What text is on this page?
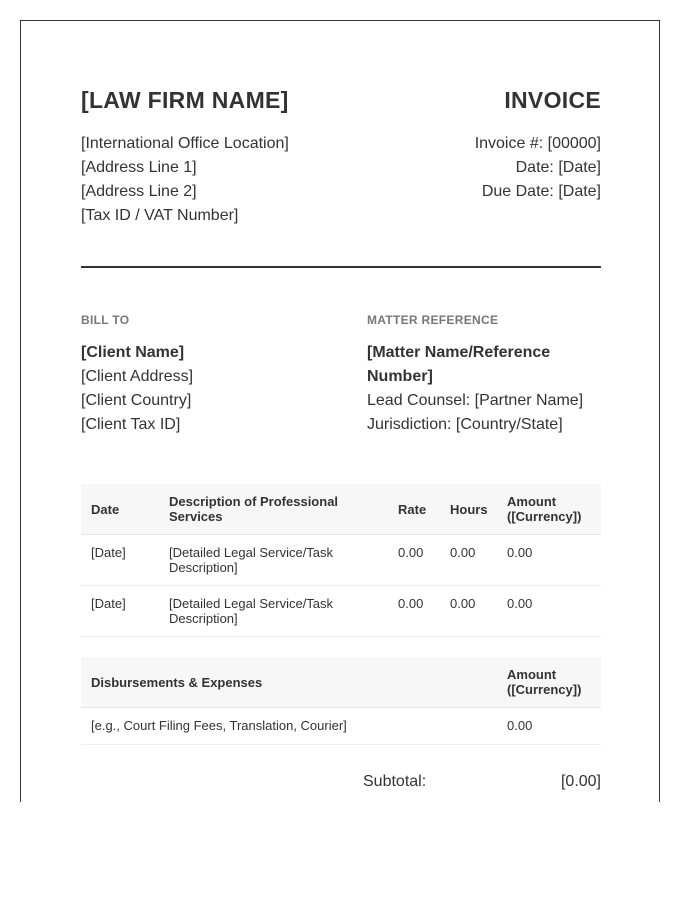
[LAW FIRM NAME]	INVOICE
[International Office Location]
[Address Line 1]
[Address Line 2]
[Tax ID / VAT Number]
Invoice #: [00000]
Date: [Date]
Due Date: [Date]
BILL TO
[Client Name]
[Client Address]
[Client Country]
[Client Tax ID]
MATTER REFERENCE
[Matter Name/Reference
Number]
Lead Counsel: [Partner Name]
Jurisdiction: [Country/State]
Date	Description of Professional Services	Rate	Hours	Amount ([Currency])
[Date]	[Detailed Legal Service/Task Description]	0.00	0.00	0.00
[Date]	[Detailed Legal Service/Task Description]	0.00	0.00	0.00
Disbursements & Expenses	Amount ([Currency])
[e.g., Court Filing Fees, Translation, Courier]	0.00
Subtotal:	[0.00]
